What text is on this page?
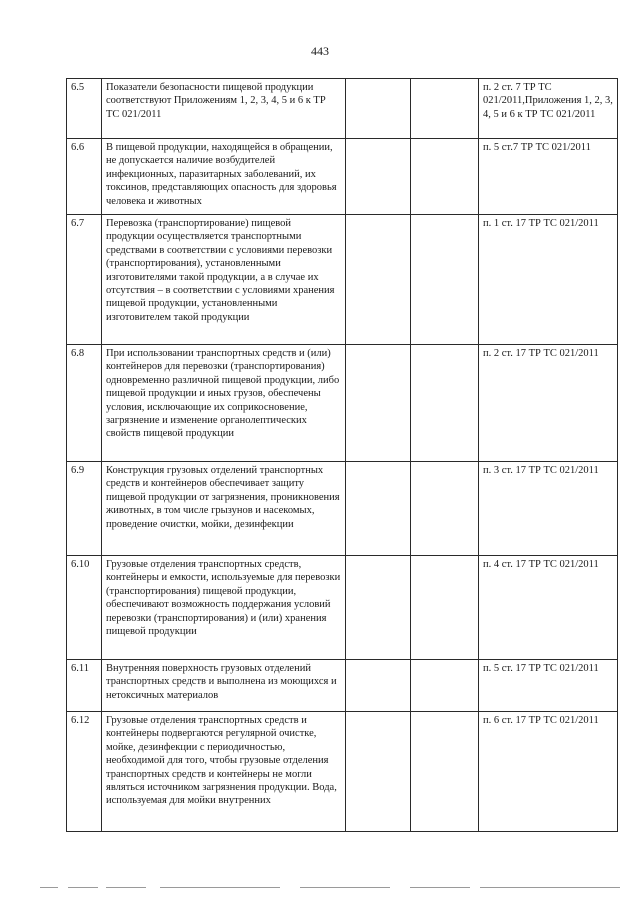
443
6.5	Показатели безопасности пищевой продукции соответствуют Приложениям 1, 2, 3, 4, 5 и 6 к ТР ТС 021/2011			п. 2 ст. 7 ТР ТС 021/2011,Приложения 1, 2, 3, 4, 5 и 6 к ТР ТС 021/2011
6.6	В пищевой продукции, находящейся в обращении, не допускается наличие возбудителей инфекционных, паразитарных заболеваний, их токсинов, представляющих опасность для здоровья человека и животных			п. 5 ст.7 ТР ТС 021/2011
6.7	Перевозка (транспортирование) пищевой продукции осуществляется транспортными средствами в соответствии с условиями перевозки (транспортирования), установленными изготовителями такой продукции, а в случае их отсутствия – в соответствии с условиями хранения пищевой продукции, установленными изготовителем такой продукции			п. 1 ст. 17 ТР ТС 021/2011
6.8	При использовании транспортных средств и (или) контейнеров для перевозки (транспортирования) одновременно различной пищевой продукции, либо пищевой продукции и иных грузов, обеспечены условия, исключающие их соприкосновение, загрязнение и изменение органолептических свойств пищевой продукции			п. 2 ст. 17 ТР ТС 021/2011
6.9	Конструкция грузовых отделений транспортных средств и контейнеров обеспечивает защиту пищевой продукции от загрязнения, проникновения животных, в том числе грызунов и насекомых, проведение очистки, мойки, дезинфекции			п. 3 ст. 17 ТР ТС 021/2011
6.10	Грузовые отделения транспортных средств, контейнеры и емкости, используемые для перевозки (транспортирования) пищевой продукции, обеспечивают возможность поддержания условий перевозки (транспортирования) и (или) хранения пищевой продукции			п. 4 ст. 17 ТР ТС 021/2011
6.11	Внутренняя поверхность грузовых отделений транспортных средств и выполнена из моющихся и нетоксичных материалов			п. 5 ст. 17 ТР ТС 021/2011
6.12	Грузовые отделения транспортных средств и контейнеры подвергаются регулярной очистке, мойке, дезинфекции с периодичностью, необходимой для того, чтобы грузовые отделения транспортных средств и контейнеры не могли являться источником загрязнения продукции. Вода, используемая для мойки внутренних			п. 6 ст. 17 ТР ТС 021/2011
